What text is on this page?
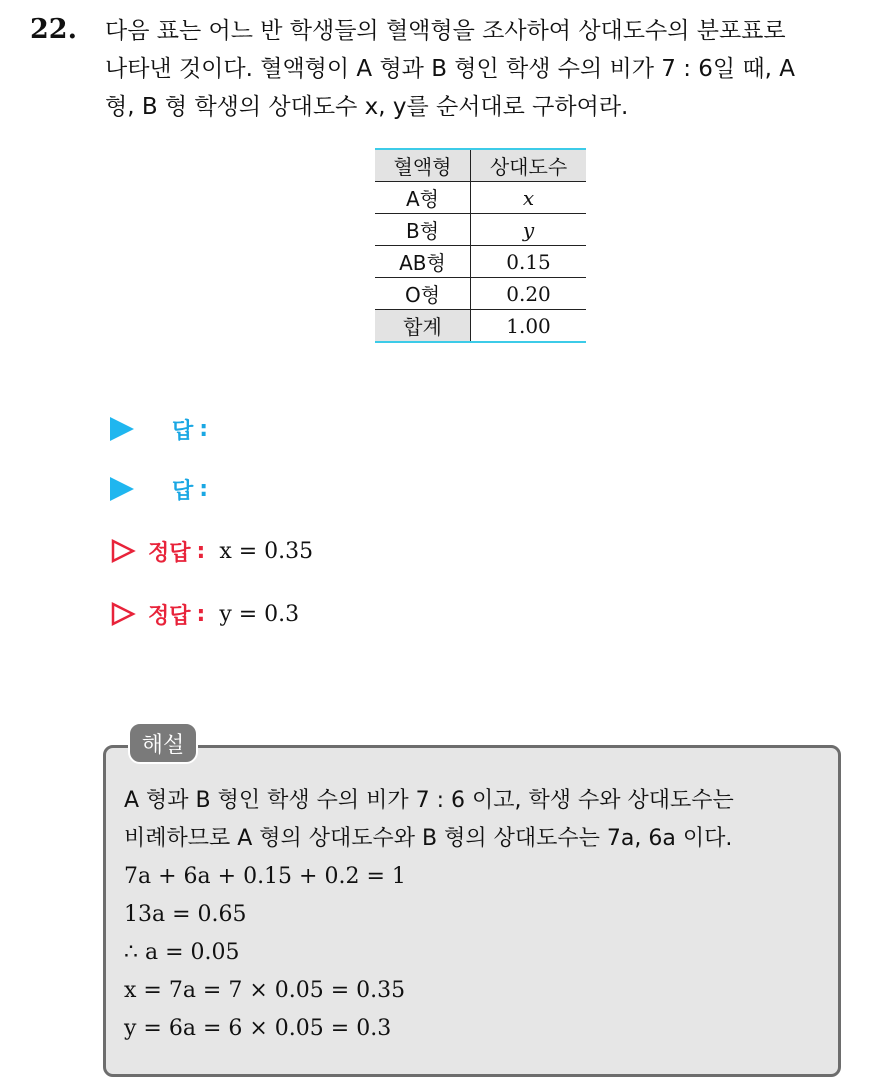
22. 다음 표는 어느 반 학생들의 혈액형을 조사하여 상대도수의 분포표로
나타낸 것이다. 혈액형이 A 형과 B 형인 학생 수의 비가 7 : 6일 때, A
형, B 형 학생의 상대도수 x, y를 순서대로 구하여라.
혈액형	상대도수
A형	x
B형	y
AB형	0.15
O형	0.20
합계	1.00
답 :
답 :
정답 : x = 0.35
정답 : y = 0.3
해설
A 형과 B 형인 학생 수의 비가 7 : 6 이고, 학생 수와 상대도수는
비례하므로 A 형의 상대도수와 B 형의 상대도수는 7a, 6a 이다.
7a + 6a + 0.15 + 0.2 = 1
13a = 0.65
∴ a = 0.05
x = 7a = 7 × 0.05 = 0.35
y = 6a = 6 × 0.05 = 0.3
